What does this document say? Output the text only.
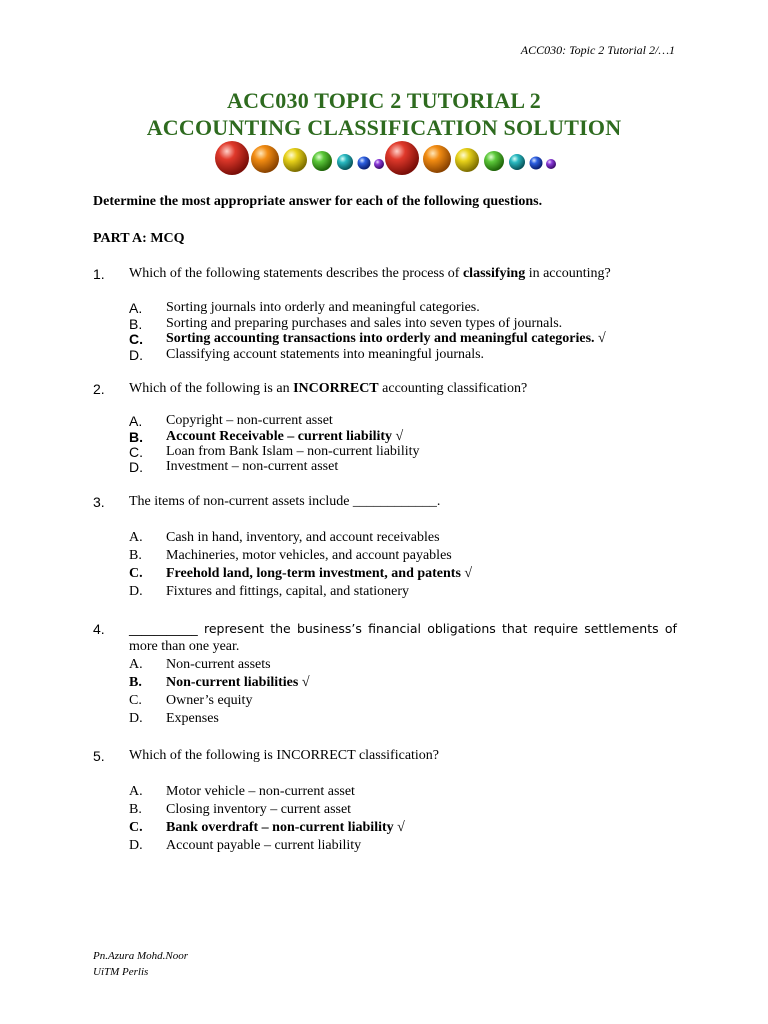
ACC030: Topic 2 Tutorial 2/…1
ACC030 TOPIC 2 TUTORIAL 2
ACCOUNTING CLASSIFICATION SOLUTION
Determine the most appropriate answer for each of the following questions.
PART A: MCQ
1. Which of the following statements describes the process of classifying in accounting?
A. Sorting journals into orderly and meaningful categories.
B. Sorting and preparing purchases and sales into seven types of journals.
C. Sorting accounting transactions into orderly and meaningful categories. √
D. Classifying account statements into meaningful journals.
2. Which of the following is an INCORRECT accounting classification?
A. Copyright – non-current asset
B. Account Receivable – current liability √
C. Loan from Bank Islam – non-current liability
D. Investment – non-current asset
3. The items of non-current assets include ____________.
A. Cash in hand, inventory, and account receivables
B. Machineries, motor vehicles, and account payables
C. Freehold land, long-term investment, and patents √
D. Fixtures and fittings, capital, and stationery
4. ___________ represent the business’s financial obligations that require settlements of
more than one year.
A. Non-current assets
B. Non-current liabilities √
C. Owner’s equity
D. Expenses
5. Which of the following is INCORRECT classification?
A. Motor vehicle – non-current asset
B. Closing inventory – current asset
C. Bank overdraft – non-current liability √
D. Account payable – current liability
Pn.Azura Mohd.Noor
UiTM Perlis
